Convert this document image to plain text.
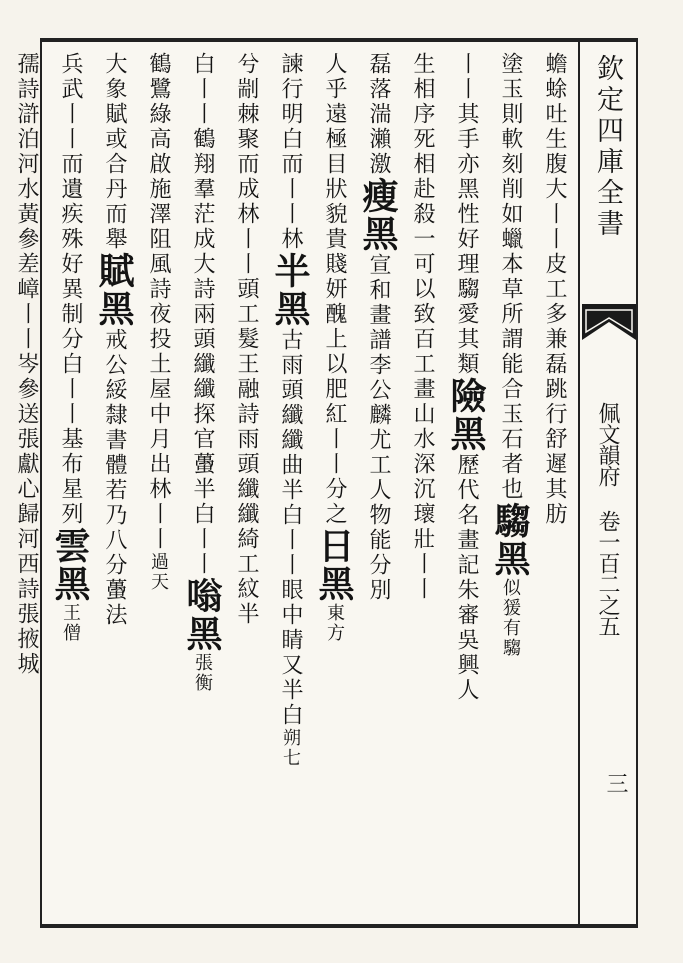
蟾蜍吐生腹大丨丨皮工多兼磊跳行舒遲其肪
塗玉則軟刻削如蠟本草所謂能合玉石者也騶黑似猨有騶
丨丨其手亦黑性好理騶愛其類險黑歷代名畫記朱審吳興人
生相序死相赴殺一可以致百工畫山水深沉瓌壯丨丨
磊落湍瀨激瘦黑宣和畫譜李公麟尤工人物能分別
人乎遠極目狀貌貴賤妍醜上以肥紅丨丨分之日黑東方
諫行明白而丨丨林半黑古雨頭纖纖曲半白丨丨眼中睛又半白朔七
兮剬棘聚而成林丨丨頭工髮王融詩雨頭纖纖綺工紋半
白丨丨鶴翔羣茫成大詩兩頭纖纖探官蠆半白丨丨嗡黑張衡
鶴鷺綠高啟施澤阻風詩夜投土屋中月出林丨丨過天
大象賦或合丹而舉賦黑戒公綏隸書體若乃八分蠆法
兵武丨丨而遺疾殊好異制分白丨丨基布星列雲黑王僧
孺詩滸泊河水黃參差嶂丨丨岑參送張獻心歸河西詩張掖城	欽定四庫全書
佩文韻府 卷一百二之五
三
